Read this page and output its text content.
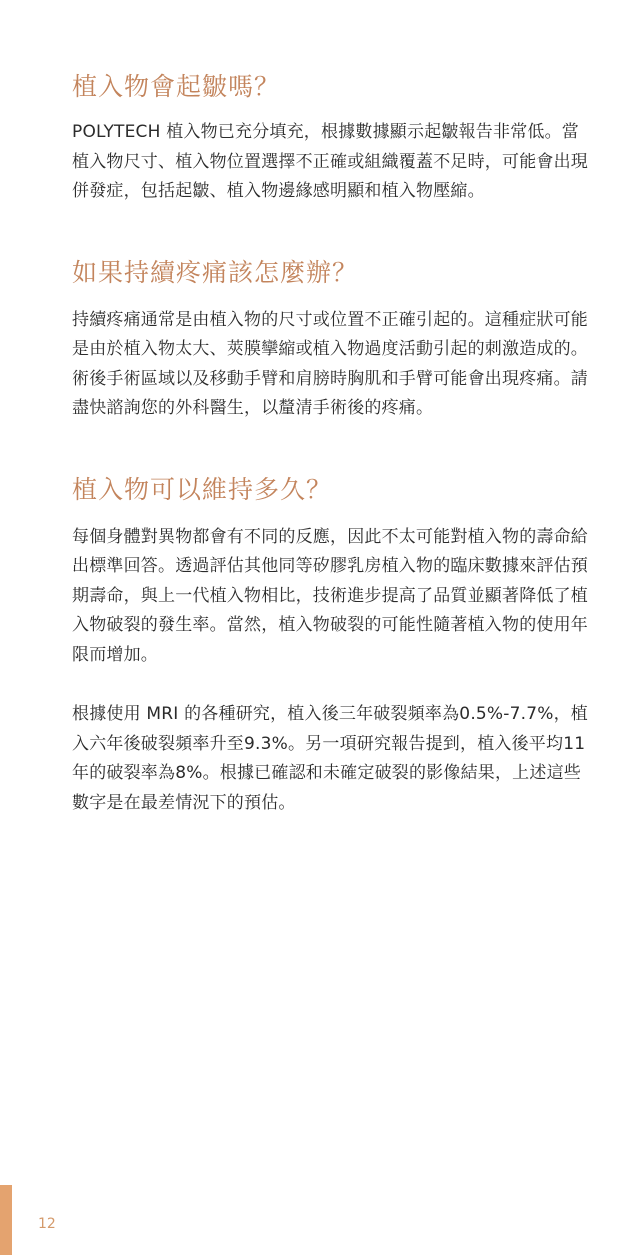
植入物會起皺嗎？

POLYTECH 植入物已充分填充，根據數據顯示起皺報告非常低。當植入物尺寸、植入物位置選擇不正確或組織覆蓋不足時，可能會出現併發症，包括起皺、植入物邊緣感明顯和植入物壓縮。

如果持續疼痛該怎麼辦？

持續疼痛通常是由植入物的尺寸或位置不正確引起的。這種症狀可能是由於植入物太大、莢膜攣縮或植入物過度活動引起的刺激造成的。術後手術區域以及移動手臂和肩膀時胸肌和手臂可能會出現疼痛。請盡快諮詢您的外科醫生，以釐清手術後的疼痛。

植入物可以維持多久？

每個身體對異物都會有不同的反應，因此不太可能對植入物的壽命給出標準回答。透過評估其他同等矽膠乳房植入物的臨床數據來評估預期壽命，與上一代植入物相比，技術進步提高了品質並顯著降低了植入物破裂的發生率。當然，植入物破裂的可能性隨著植入物的使用年限而增加。

根據使用 MRI 的各種研究，植入後三年破裂頻率為0.5%-7.7%，植入六年後破裂頻率升至9.3%。另一項研究報告提到，植入後平均11年的破裂率為8%。根據已確認和未確定破裂的影像結果，上述這些數字是在最差情況下的預估。

12
